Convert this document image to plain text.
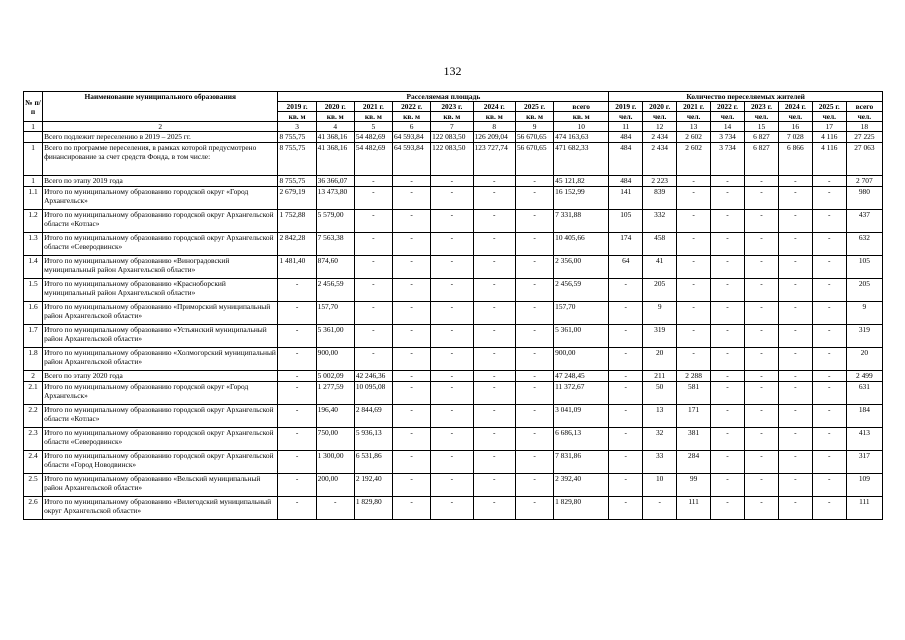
132
№ п/п	Наименование муниципального образования	Расселяемая площадь								Количество переселяемых жителей							
		2019 г.	2020 г.	2021 г.	2022 г.	2023 г.	2024 г.	2025 г.	всего	2019 г.	2020 г.	2021 г.	2022 г.	2023 г.	2024 г.	2025 г.	всего
		кв. м	кв. м	кв. м	кв. м	кв. м	кв. м	кв. м	кв. м	чел.	чел.	чел.	чел.	чел.	чел.	чел.	чел.
1	2	3	4	5	6	7	8	9	10	11	12	13	14	15	16	17	18
	Всего подлежит переселению в 2019 – 2025 гг.	8 755,75	41 368,16	54 482,69	64 593,84	122 083,50	126 209,04	56 670,65	474 163,63	484	2 434	2 602	3 734	6 827	7 028	4 116	27 225
1	Всего по программе переселения, в рамках которой предусмотрено финансирование за счет средств Фонда, в том числе:	8 755,75	41 368,16	54 482,69	64 593,84	122 083,50	123 727,74	56 670,65	471 682,33	484	2 434	2 602	3 734	6 827	6 866	4 116	27 063
1	Всего по этапу 2019 года	8 755,75	36 366,07	-	-	-	-	-	45 121,82	484	2 223	-	-	-	-	-	2 707
1.1	Итого по муниципальному образованию городской округ «Город Архангельск»	2 679,19	13 473,80	-	-	-	-	-	16 152,99	141	839	-	-	-	-	-	980
1.2	Итого по муниципальному образованию городской округ Архангельской области «Котлас»	1 752,88	5 579,00	-	-	-	-	-	7 331,88	105	332	-	-	-	-	-	437
1.3	Итого по муниципальному образованию городской округ Архангельской области «Северодвинск»	2 842,28	7 563,38	-	-	-	-	-	10 405,66	174	458	-	-	-	-	-	632
1.4	Итого по муниципальному образованию «Виноградовский муниципальный район Архангельской области»	1 481,40	874,60	-	-	-	-	-	2 356,00	64	41	-	-	-	-	-	105
1.5	Итого по муниципальному образованию «Красноборский муниципальный район Архангельской области»	-	2 456,59	-	-	-	-	-	2 456,59	-	205	-	-	-	-	-	205
1.6	Итого по муниципальному образованию «Приморский муниципальный район Архангельской области»	-	157,70	-	-	-	-	-	157,70	-	9	-	-	-	-	-	9
1.7	Итого по муниципальному образованию «Устьянский муниципальный район Архангельской области»	-	5 361,00	-	-	-	-	-	5 361,00	-	319	-	-	-	-	-	319
1.8	Итого по муниципальному образованию «Холмогорский муниципальный район Архангельской области»	-	900,00	-	-	-	-	-	900,00	-	20	-	-	-	-	-	20
2	Всего по этапу 2020 года	-	5 002,09	42 246,36	-	-	-	-	47 248,45	-	211	2 288	-	-	-	-	2 499
2.1	Итого по муниципальному образованию городской округ «Город Архангельск»	-	1 277,59	10 095,08	-	-	-	-	11 372,67	-	50	581	-	-	-	-	631
2.2	Итого по муниципальному образованию городской округ Архангельской области «Котлас»	-	196,40	2 844,69	-	-	-	-	3 041,09	-	13	171	-	-	-	-	184
2.3	Итого по муниципальному образованию городской округ Архангельской области «Северодвинск»	-	750,00	5 936,13	-	-	-	-	6 686,13	-	32	381	-	-	-	-	413
2.4	Итого по муниципальному образованию городской округ Архангельской области «Город Новодвинск»	-	1 300,00	6 531,86	-	-	-	-	7 831,86	-	33	284	-	-	-	-	317
2.5	Итого по муниципальному образованию «Вельский муниципальный район Архангельской области»	-	200,00	2 192,40	-	-	-	-	2 392,40	-	10	99	-	-	-	-	109
2.6	Итого по муниципальному образованию «Вилегодский муниципальный округ Архангельской области»	-	-	1 829,80	-	-	-	-	1 829,80	-	-	111	-	-	-	-	111
